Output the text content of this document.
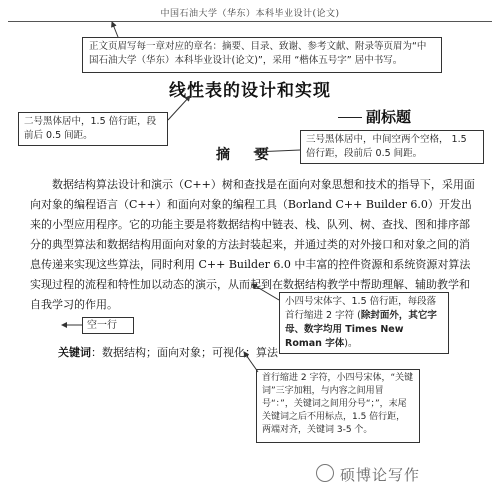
中国石油大学（华东）本科毕业设计(论文)

正文页眉写每一章对应的章名：摘要、目录、致谢、参考文献、附录等页眉为“中国石油大学（华东）本科毕业设计(论文)”，采用 “楷体五号字” 居中书写。

线性表的设计和实现
副标题

二号黑体居中，1.5 倍行距，段前后 0.5 间距。	三号黑体居中，中间空两个空格， 1.5 倍行距，段前后 0.5 间距。

摘 要
数据结构算法设计和演示（C++）树和查找是在面向对象思想和技术的指导下，采用面向对象的编程语言（C++）和面向对象的编程工具（Borland C++ Builder 6.0）开发出来的小型应用程序。它的功能主要是将数据结构中链表、栈、队列、树、查找、图和排序部分的典型算法和数据结构用面向对象的方法封装起来，并通过类的对外接口和对象之间的消息传递来实现这些算法，同时利用 C++ Builder 6.0 中丰富的控件资源和系统资源对算法实现过程的流程和特性加以动态的演示，从而起到在数据结构教学中帮助理解、辅助教学和自我学习的作用。	小四号宋体字、1.5 倍行距，每段落首行缩进 2 字符 (除封面外，其它字母、数字均用 Times New Roman 字体)。

空一行

关键词：数据结构；面向对象；可视化；算法

首行缩进 2 字符，小四号宋体，“关键词”三字加粗，与内容之间用冒号“：”，关键词之间用分号“；”，末尾关键词之后不用标点，1.5 倍行距，两端对齐，关键词 3-5 个。

硕博论写作
